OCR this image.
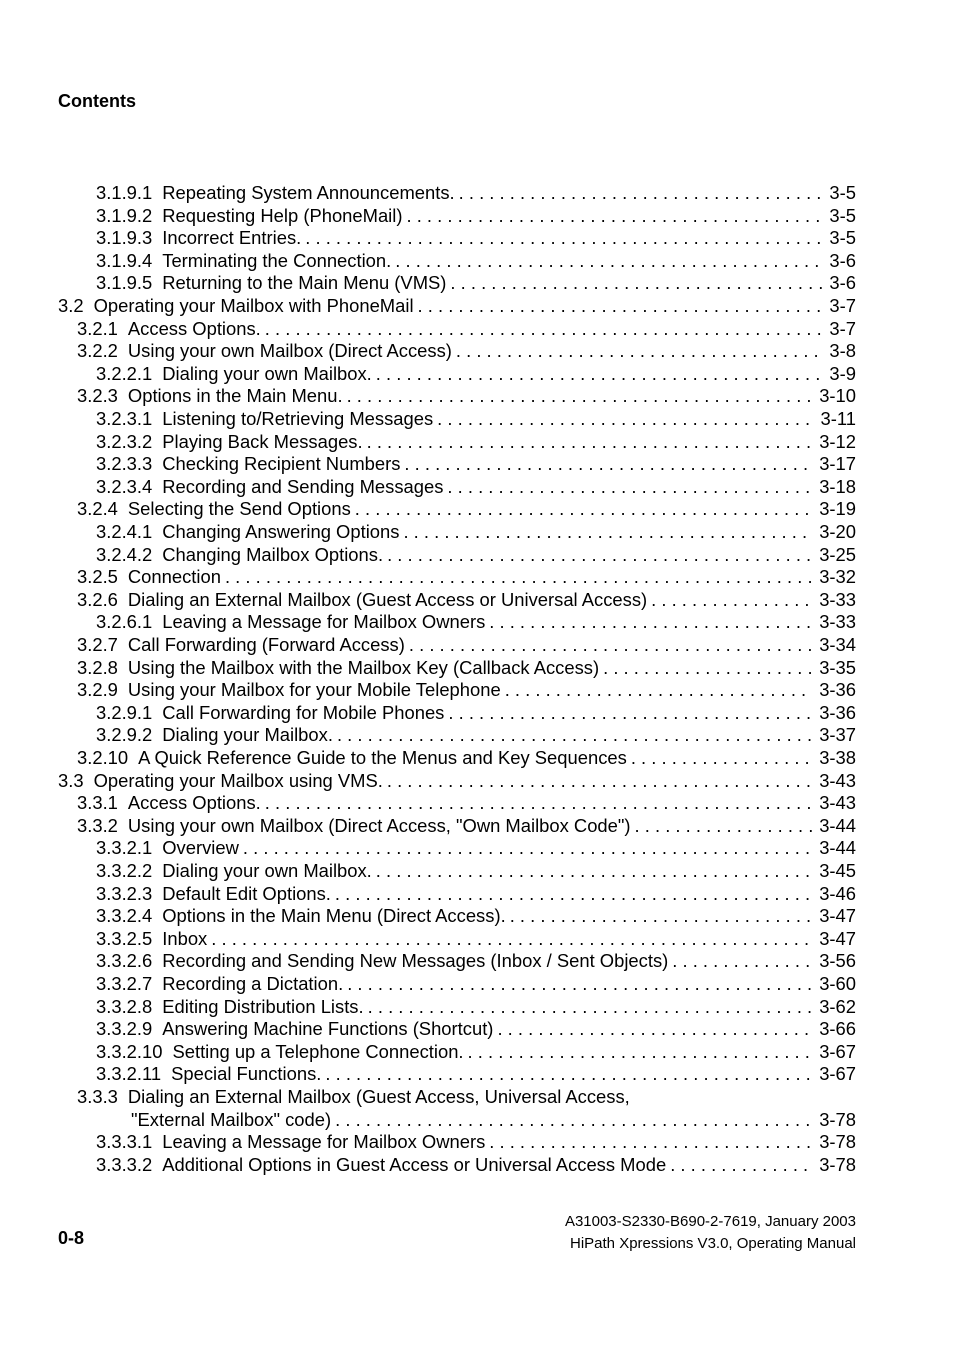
Contents
3.1.9.1 Repeating System Announcements. . . .	3-5
3.1.9.2 Requesting Help (PhoneMail) . . .	3-5
3.1.9.3 Incorrect Entries. . . .	3-5
3.1.9.4 Terminating the Connection. . . .	3-6
3.1.9.5 Returning to the Main Menu (VMS) . . .	3-6
3.2 Operating your Mailbox with PhoneMail . . .	3-7
3.2.1 Access Options. . . .	3-7
3.2.2 Using your own Mailbox (Direct Access) . . .	3-8
3.2.2.1 Dialing your own Mailbox. . . .	3-9
3.2.3 Options in the Main Menu. . . .	3-10
3.2.3.1 Listening to/Retrieving Messages . . .	3-11
3.2.3.2 Playing Back Messages. . . .	3-12
3.2.3.3 Checking Recipient Numbers . . .	3-17
3.2.3.4 Recording and Sending Messages . . .	3-18
3.2.4 Selecting the Send Options . . .	3-19
3.2.4.1 Changing Answering Options . . .	3-20
3.2.4.2 Changing Mailbox Options. . . .	3-25
3.2.5 Connection . . .	3-32
3.2.6 Dialing an External Mailbox (Guest Access or Universal Access) . . .	3-33
3.2.6.1 Leaving a Message for Mailbox Owners . . .	3-33
3.2.7 Call Forwarding (Forward Access) . . .	3-34
3.2.8 Using the Mailbox with the Mailbox Key (Callback Access) . . .	3-35
3.2.9 Using your Mailbox for your Mobile Telephone . . .	3-36
3.2.9.1 Call Forwarding for Mobile Phones . . .	3-36
3.2.9.2 Dialing your Mailbox. . . .	3-37
3.2.10 A Quick Reference Guide to the Menus and Key Sequences . . .	3-38
3.3 Operating your Mailbox using VMS. . . .	3-43
3.3.1 Access Options. . . .	3-43
3.3.2 Using your own Mailbox (Direct Access, "Own Mailbox Code") . . .	3-44
3.3.2.1 Overview . . .	3-44
3.3.2.2 Dialing your own Mailbox. . . .	3-45
3.3.2.3 Default Edit Options. . . .	3-46
3.3.2.4 Options in the Main Menu (Direct Access). . . .	3-47
3.3.2.5 Inbox . . .	3-47
3.3.2.6 Recording and Sending New Messages (Inbox / Sent Objects) . . .	3-56
3.3.2.7 Recording a Dictation. . . .	3-60
3.3.2.8 Editing Distribution Lists. . . .	3-62
3.3.2.9 Answering Machine Functions (Shortcut) . . .	3-66
3.3.2.10 Setting up a Telephone Connection. . . .	3-67
3.3.2.11 Special Functions. . . .	3-67
3.3.3 Dialing an External Mailbox (Guest Access, Universal Access,
"External Mailbox" code) . . .	3-78
3.3.3.1 Leaving a Message for Mailbox Owners . . .	3-78
3.3.3.2 Additional Options in Guest Access or Universal Access Mode . . .	3-78
0-8
A31003-S2330-B690-2-7619, January 2003
HiPath Xpressions V3.0, Operating Manual
